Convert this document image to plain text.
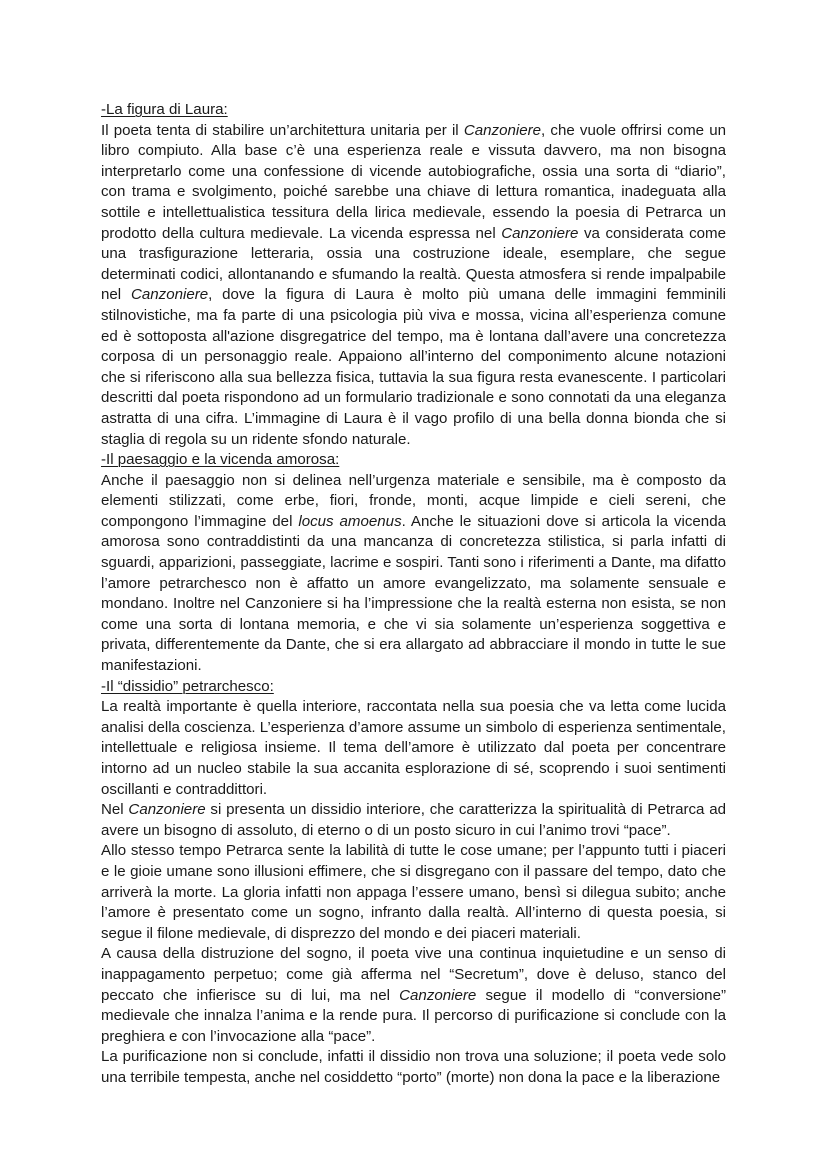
-La figura di Laura:

Il poeta tenta di stabilire un’architettura unitaria per il Canzoniere, che vuole offrirsi come un libro compiuto. Alla base c’è una esperienza reale e vissuta davvero, ma non bisogna interpretarlo come una confessione di vicende autobiografiche, ossia una sorta di “diario”, con trama e svolgimento, poiché sarebbe una chiave di lettura romantica, inadeguata alla sottile e intellettualistica tessitura della lirica medievale, essendo la poesia di Petrarca un prodotto della cultura medievale. La vicenda espressa nel Canzoniere va considerata come una trasfigurazione letteraria, ossia una costruzione ideale, esemplare, che segue determinati codici, allontanando e sfumando la realtà. Questa atmosfera si rende impalpabile nel Canzoniere, dove la figura di Laura è molto più umana delle immagini femminili stilnovistiche, ma fa parte di una psicologia più viva e mossa, vicina all’esperienza comune ed è sottoposta all'azione disgregatrice del tempo, ma è lontana dall’avere una concretezza corposa di un personaggio reale. Appaiono all’interno del componimento alcune notazioni che si riferiscono alla sua bellezza fisica, tuttavia la sua figura resta evanescente. I particolari descritti dal poeta rispondono ad un formulario tradizionale e sono connotati da una eleganza astratta di una cifra. L’immagine di Laura è il vago profilo di una bella donna bionda che si staglia di regola su un ridente sfondo naturale.

-Il paesaggio e la vicenda amorosa:

Anche il paesaggio non si delinea nell’urgenza materiale e sensibile, ma è composto da elementi stilizzati, come erbe, fiori, fronde, monti, acque limpide e cieli sereni, che compongono l’immagine del locus amoenus. Anche le situazioni dove si articola la vicenda amorosa sono contraddistinti da una mancanza di concretezza stilistica, si parla infatti di sguardi, apparizioni, passeggiate, lacrime e sospiri. Tanti sono i riferimenti a Dante, ma difatto l’amore petrarchesco non è affatto un amore evangelizzato, ma solamente sensuale e mondano. Inoltre nel Canzoniere si ha l’impressione che la realtà esterna non esista, se non come una sorta di lontana memoria, e che vi sia solamente un’esperienza soggettiva e privata, differentemente da Dante, che si era allargato ad abbracciare il mondo in tutte le sue manifestazioni.

-Il “dissidio” petrarchesco:

La realtà importante è quella interiore, raccontata nella sua poesia che va letta come lucida analisi della coscienza. L’esperienza d’amore assume un simbolo di esperienza sentimentale, intellettuale e religiosa insieme. Il tema dell’amore è utilizzato dal poeta per concentrare intorno ad un nucleo stabile la sua accanita esplorazione di sé, scoprendo i suoi sentimenti oscillanti e contraddittori.

Nel Canzoniere si presenta un dissidio interiore, che caratterizza la spiritualità di Petrarca ad avere un bisogno di assoluto, di eterno o di un posto sicuro in cui l’animo trovi “pace”.

Allo stesso tempo Petrarca sente la labilità di tutte le cose umane; per l’appunto tutti i piaceri e le gioie umane sono illusioni effimere, che si disgregano con il passare del tempo, dato che arriverà la morte. La gloria infatti non appaga l’essere umano, bensì si dilegua subito; anche l’amore è presentato come un sogno, infranto dalla realtà. All’interno di questa poesia, si segue il filone medievale, di disprezzo del mondo e dei piaceri materiali.

A causa della distruzione del sogno, il poeta vive una continua inquietudine e un senso di inappagamento perpetuo; come già afferma nel “Secretum”, dove è deluso, stanco del peccato che infierisce su di lui, ma nel Canzoniere segue il modello di “conversione” medievale che innalza l’anima e la rende pura. Il percorso di purificazione si conclude con la preghiera e con l’invocazione alla “pace”.

La purificazione non si conclude, infatti il dissidio non trova una soluzione; il poeta vede solo una terribile tempesta, anche nel cosiddetto “porto” (morte) non dona la pace e la liberazione
